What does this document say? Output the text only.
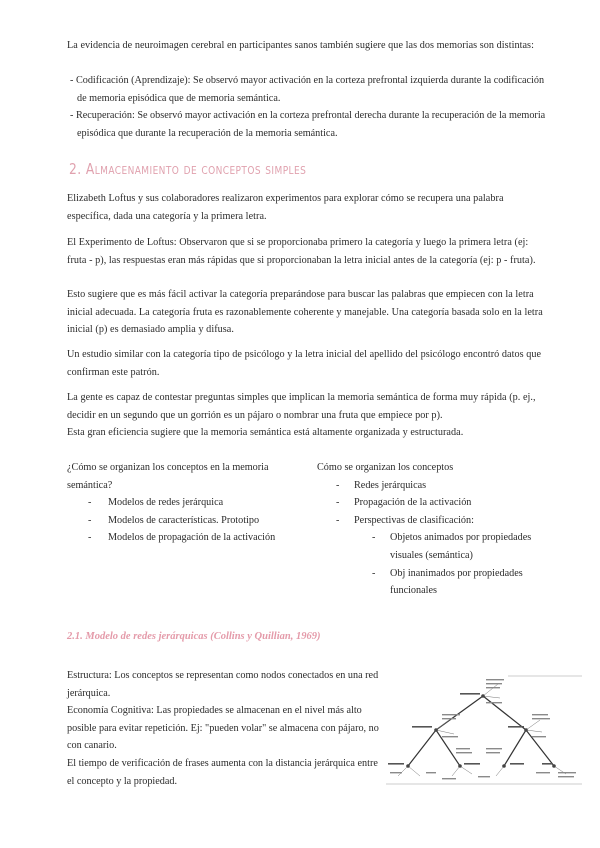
La evidencia de neuroimagen cerebral en participantes sanos también sugiere que las dos memorias son distintas:

- Codificación (Aprendizaje): Se observó mayor activación en la corteza prefrontal izquierda durante la codificación de memoria episódica que de memoria semántica.
- Recuperación: Se observó mayor activación en la corteza prefrontal derecha durante la recuperación de la memoria episódica que durante la recuperación de la memoria semántica.
2. Almacenamiento de conceptos simples

Elizabeth Loftus y sus colaboradores realizaron experimentos para explorar cómo se recupera una palabra específica, dada una categoría y la primera letra.

El Experimento de Loftus: Observaron que si se proporcionaba primero la categoría y luego la primera letra (ej: fruta - p), las respuestas eran más rápidas que si proporcionaban la letra inicial antes de la categoría (ej: p - fruta).

Esto sugiere que es más fácil activar la categoría preparándose para buscar las palabras que empiecen con la letra inicial adecuada. La categoría fruta es razonablemente coherente y manejable. Una categoría basada solo en la letra inicial (p) es demasiado amplia y difusa.

Un estudio similar con la categoría tipo de psicólogo y la letra inicial del apellido del psicólogo encontró datos que confirman este patrón.

La gente es capaz de contestar preguntas simples que implican la memoria semántica de forma muy rápida (p. ej., decidir en un segundo que un gorrión es un pájaro o nombrar una fruta que empiece por p).

Esta gran eficiencia sugiere que la memoria semántica está altamente organizada y estructurada.

¿Cómo se organizan los conceptos en la memoria semántica?
- Modelos de redes jerárquica
- Modelos de características. Prototipo
- Modelos de propagación de la activación
Cómo se organizan los conceptos
- Redes jerárquicas
- Propagación de la activación
- Perspectivas de clasificación:
- Objetos animados por propiedades visuales (semántica)
- Obj inanimados por propiedades funcionales
2.1. Modelo de redes jerárquicas (Collins y Quillian, 1969)

Estructura: Los conceptos se representan como nodos conectados en una red jerárquica.

Economía Cognitiva: Las propiedades se almacenan en el nivel más alto posible para evitar repetición. Ej: "pueden volar" se almacena con pájaro, no con canario.

El tiempo de verificación de frases aumenta con la distancia jerárquica entre el concepto y la propiedad.
